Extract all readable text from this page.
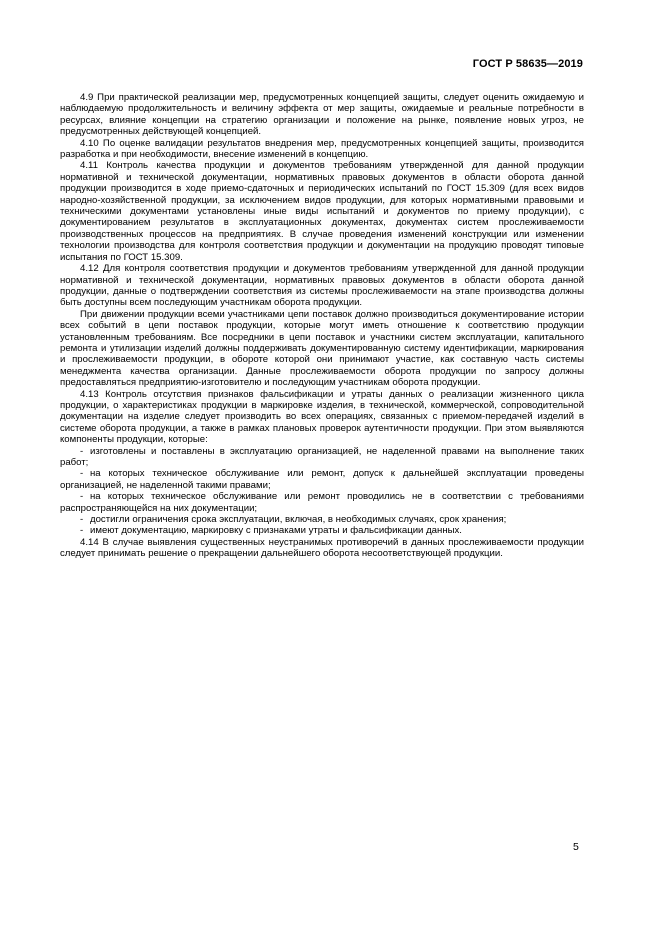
ГОСТ Р 58635—2019

4.9 При практической реализации мер, предусмотренных концепцией защиты, следует оценить ожидаемую и наблюдаемую продолжительность и величину эффекта от мер защиты, ожидаемые и реальные потребности в ресурсах, влияние концепции на стратегию организации и положение на рынке, появление новых угроз, не предусмотренных действующей концепцией.

4.10 По оценке валидации результатов внедрения мер, предусмотренных концепцией защиты, производится разработка и при необходимости, внесение изменений в концепцию.

4.11 Контроль качества продукции и документов требованиям утвержденной для данной продукции нормативной и технической документации, нормативных правовых документов в области оборота данной продукции производится в ходе приемо-сдаточных и периодических испытаний по ГОСТ 15.309 (для всех видов народно-хозяйственной продукции, за исключением видов продукции, для которых нормативными правовыми и техническими документами установлены иные виды испытаний и документов по приему продукции), с документированием результатов в эксплуатационных документах, документах систем прослеживаемости производственных процессов на предприятиях. В случае проведения изменений конструкции или изменении технологии производства для контроля соответствия продукции и документации на продукцию проводят типовые испытания по ГОСТ 15.309.

4.12 Для контроля соответствия продукции и документов требованиям утвержденной для данной продукции нормативной и технической документации, нормативных правовых документов в области оборота данной продукции, данные о подтверждении соответствия из системы прослеживаемости на этапе производства должны быть доступны всем последующим участникам оборота продукции.

При движении продукции всеми участниками цепи поставок должно производиться документирование истории всех событий в цепи поставок продукции, которые могут иметь отношение к соответствию продукции установленным требованиям. Все посредники в цепи поставок и участники систем эксплуатации, капитального ремонта и утилизации изделий должны поддерживать документированную систему идентификации, маркирования и прослеживаемости продукции, в обороте которой они принимают участие, как составную часть системы менеджмента качества организации. Данные прослеживаемости оборота продукции по запросу должны предоставляться предприятию-изготовителю и последующим участникам оборота продукции.

4.13 Контроль отсутствия признаков фальсификации и утраты данных о реализации жизненного цикла продукции, о характеристиках продукции в маркировке изделия, в технической, коммерческой, сопроводительной документации на изделие следует производить во всех операциях, связанных с приемом-передачей изделий в системе оборота продукции, а также в рамках плановых проверок аутентичности продукции. При этом выявляются компоненты продукции, которые:

- изготовлены и поставлены в эксплуатацию организацией, не наделенной правами на выполнение таких работ;
- на которых техническое обслуживание или ремонт, допуск к дальнейшей эксплуатации проведены организацией, не наделенной такими правами;
- на которых техническое обслуживание или ремонт проводились не в соответствии с требованиями распространяющейся на них документации;
- достигли ограничения срока эксплуатации, включая, в необходимых случаях, срок хранения;
- имеют документацию, маркировку с признаками утраты и фальсификации данных.

4.14 В случае выявления существенных неустранимых противоречий в данных прослеживаемости продукции следует принимать решение о прекращении дальнейшего оборота несоответствующей продукции.

5
